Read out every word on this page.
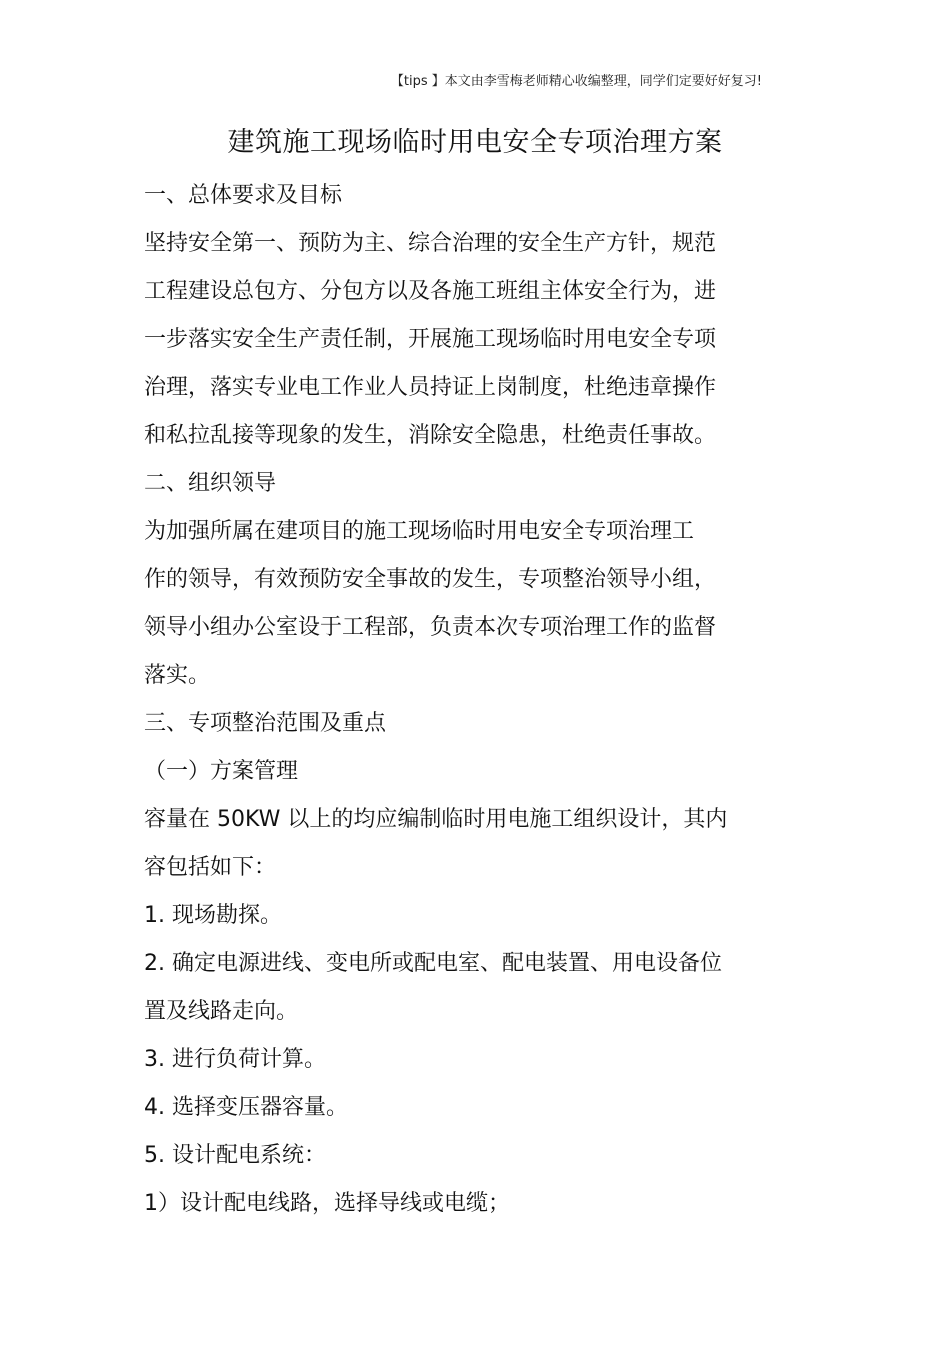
【tips 】本文由李雪梅老师精心收编整理，同学们定要好好复习!
建筑施工现场临时用电安全专项治理方案
一、总体要求及目标
坚持安全第一、预防为主、综合治理的安全生产方针，规范
工程建设总包方、分包方以及各施工班组主体安全行为，进
一步落实安全生产责任制，开展施工现场临时用电安全专项
治理，落实专业电工作业人员持证上岗制度，杜绝违章操作
和私拉乱接等现象的发生，消除安全隐患，杜绝责任事故。
二、组织领导
为加强所属在建项目的施工现场临时用电安全专项治理工
作的领导，有效预防安全事故的发生，专项整治领导小组，
领导小组办公室设于工程部，负责本次专项治理工作的监督
落实。
三、专项整治范围及重点
（一）方案管理
容量在 50KW 以上的均应编制临时用电施工组织设计，其内
容包括如下：
1. 现场勘探。
2. 确定电源进线、变电所或配电室、配电装置、用电设备位
置及线路走向。
3. 进行负荷计算。
4. 选择变压器容量。
5. 设计配电系统：
1）设计配电线路，选择导线或电缆；
